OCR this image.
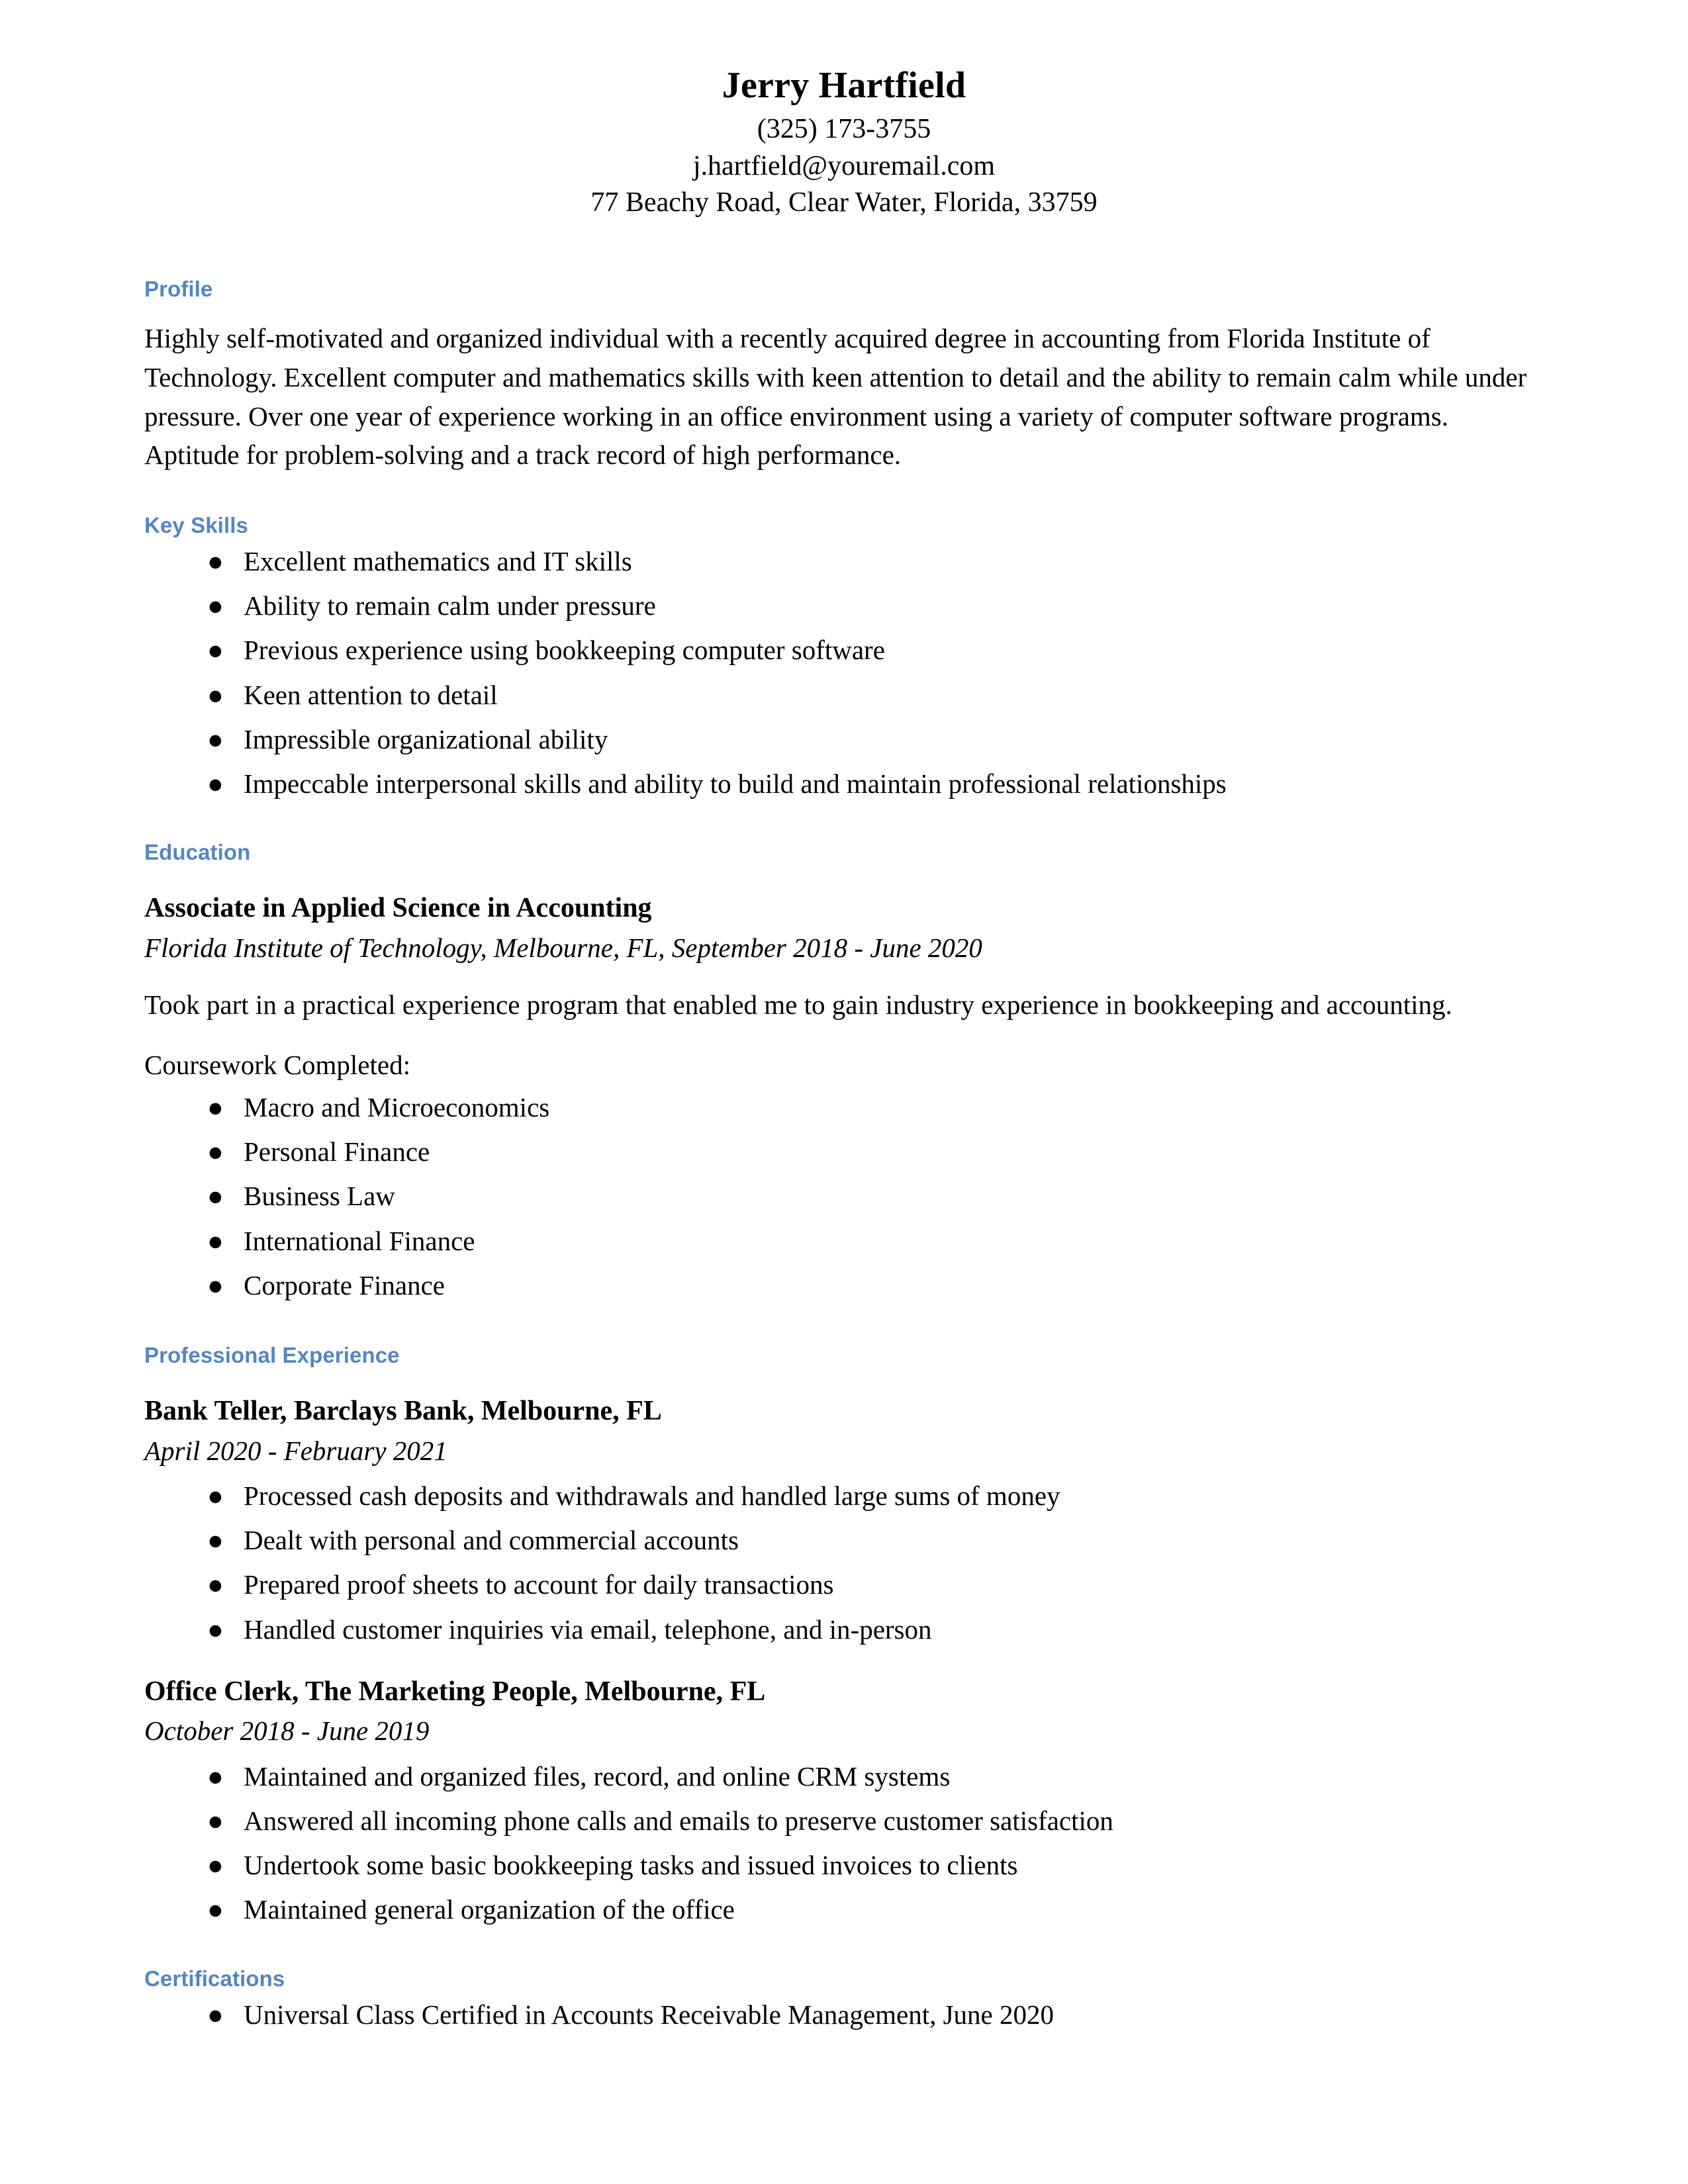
Jerry Hartfield

(325) 173-3755

j.hartfield@youremail.com

77 Beachy Road, Clear Water, Florida, 33759

Profile

Highly self-motivated and organized individual with a recently acquired degree in accounting from Florida Institute of Technology. Excellent computer and mathematics skills with keen attention to detail and the ability to remain calm while under pressure. Over one year of experience working in an office environment using a variety of computer software programs. Aptitude for problem-solving and a track record of high performance.

Key Skills
● Excellent mathematics and IT skills
● Ability to remain calm under pressure
● Previous experience using bookkeeping computer software
● Keen attention to detail
● Impressible organizational ability
● Impeccable interpersonal skills and ability to build and maintain professional relationships
Education
Associate in Applied Science in Accounting
Florida Institute of Technology, Melbourne, FL, September 2018 - June 2020

Took part in a practical experience program that enabled me to gain industry experience in bookkeeping and accounting.

Coursework Completed:

● Macro and Microeconomics
● Personal Finance
● Business Law
● International Finance
● Corporate Finance
Professional Experience
Bank Teller, Barclays Bank, Melbourne, FL
April 2020 - February 2021
● Processed cash deposits and withdrawals and handled large sums of money
● Dealt with personal and commercial accounts
● Prepared proof sheets to account for daily transactions
● Handled customer inquiries via email, telephone, and in-person
Office Clerk, The Marketing People, Melbourne, FL
October 2018 - June 2019
● Maintained and organized files, record, and online CRM systems
● Answered all incoming phone calls and emails to preserve customer satisfaction
● Undertook some basic bookkeeping tasks and issued invoices to clients
● Maintained general organization of the office
Certifications
● Universal Class Certified in Accounts Receivable Management, June 2020
